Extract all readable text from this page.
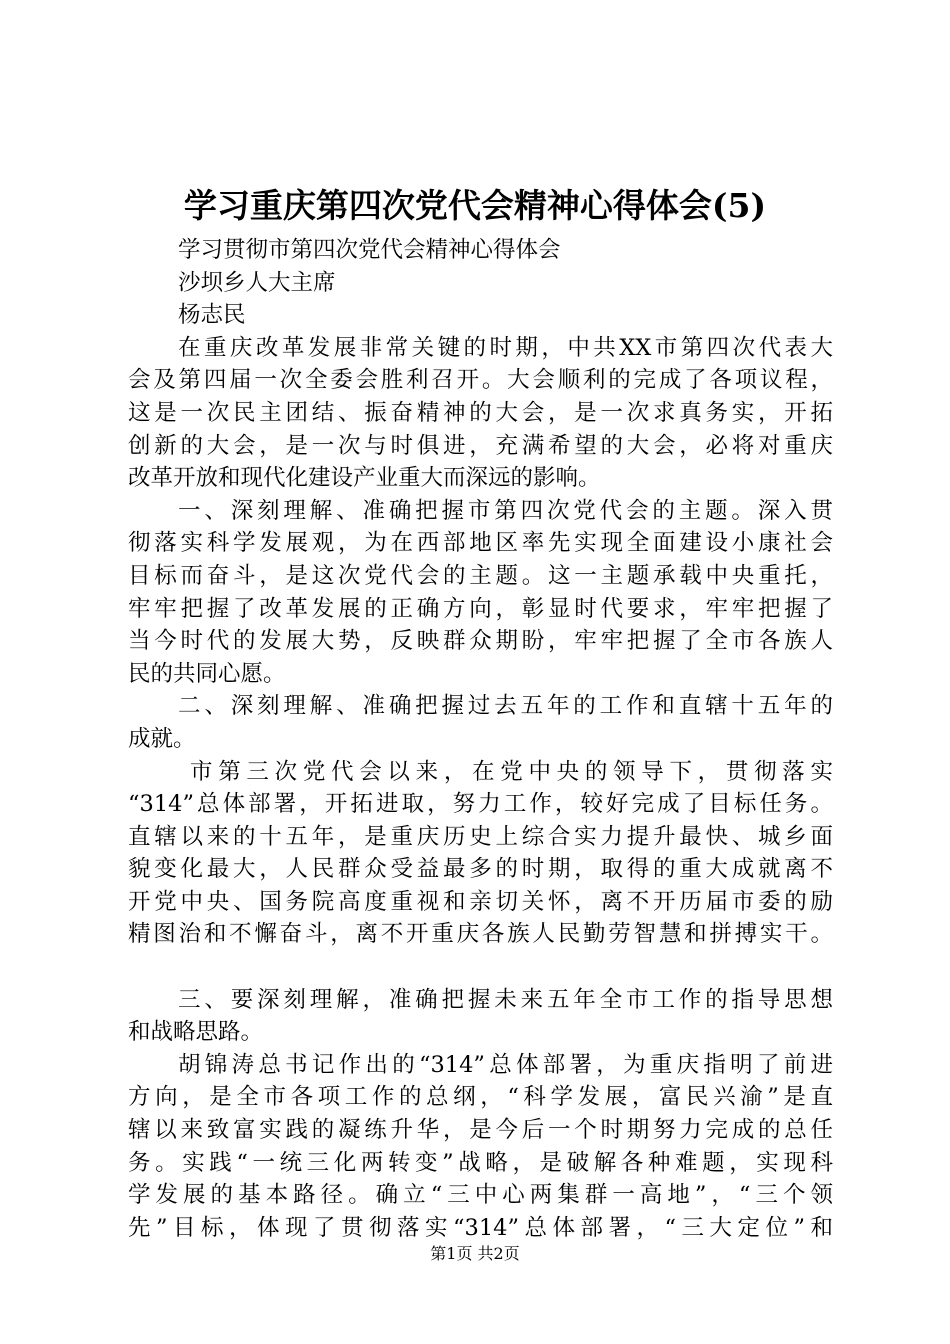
学习重庆第四次党代会精神心得体会(5)
学习贯彻市第四次党代会精神心得体会
沙坝乡人大主席
杨志民
在重庆改革发展非常关键的时期，中共XX市第四次代表大
会及第四届一次全委会胜利召开。大会顺利的完成了各项议程，
这是一次民主团结、振奋精神的大会，是一次求真务实，开拓
创新的大会，是一次与时俱进，充满希望的大会，必将对重庆
改革开放和现代化建设产业重大而深远的影响。
一、深刻理解、准确把握市第四次党代会的主题。深入贯
彻落实科学发展观，为在西部地区率先实现全面建设小康社会
目标而奋斗，是这次党代会的主题。这一主题承载中央重托，
牢牢把握了改革发展的正确方向，彰显时代要求，牢牢把握了
当今时代的发展大势，反映群众期盼，牢牢把握了全市各族人
民的共同心愿。
二、深刻理解、准确把握过去五年的工作和直辖十五年的
成就。
市第三次党代会以来，在党中央的领导下，贯彻落实
“314”总体部署，开拓进取，努力工作，较好完成了目标任务。
直辖以来的十五年，是重庆历史上综合实力提升最快、城乡面
貌变化最大，人民群众受益最多的时期，取得的重大成就离不
开党中央、国务院高度重视和亲切关怀，离不开历届市委的励
精图治和不懈奋斗，离不开重庆各族人民勤劳智慧和拼搏实干。
三、要深刻理解，准确把握未来五年全市工作的指导思想
和战略思路。
胡锦涛总书记作出的“314”总体部署，为重庆指明了前进
方向，是全市各项工作的总纲，“科学发展，富民兴渝”是直
辖以来致富实践的凝练升华，是今后一个时期努力完成的总任
务。实践“一统三化两转变”战略，是破解各种难题，实现科
学发展的基本路径。确立“三中心两集群一高地”，“三个领
先”目标，体现了贯彻落实“314”总体部署，“三大定位”和
第1页 共2页
